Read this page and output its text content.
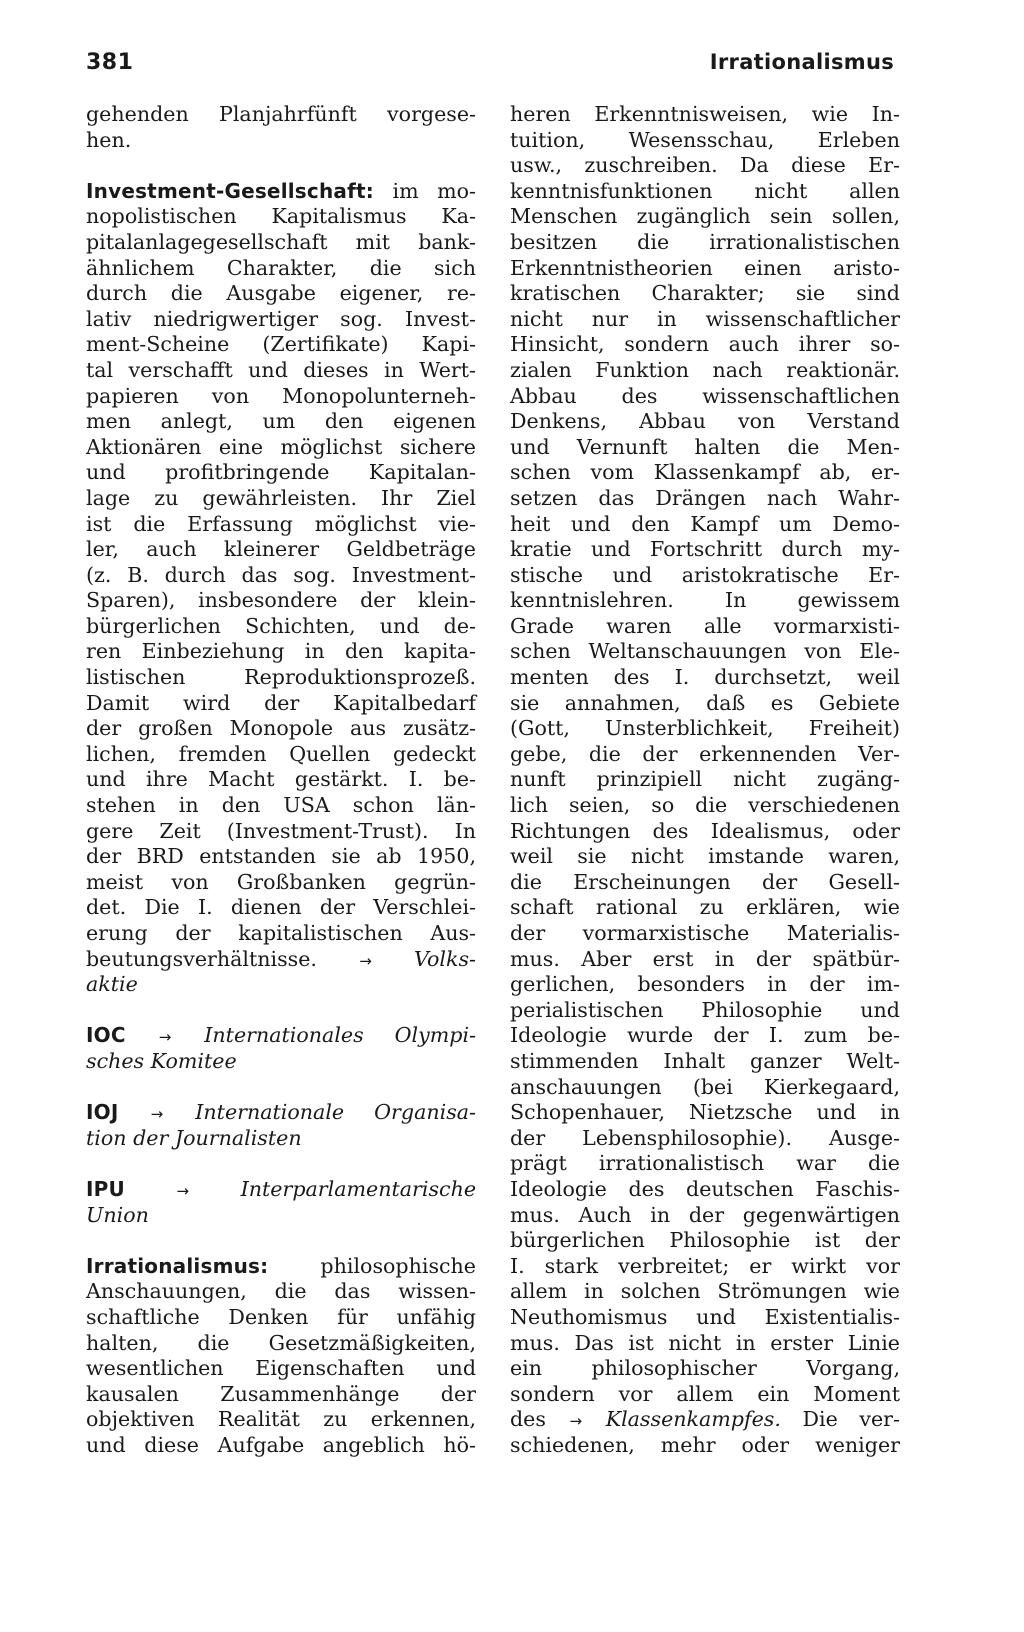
381	Irrationalismus
gehenden Planjahrfünft vorgese-
hen.
Investment-Gesellschaft: im mo-
nopolistischen Kapitalismus Ka-
pitalanlagegesellschaft mit bank-
ähnlichem Charakter, die sich
durch die Ausgabe eigener, re-
lativ niedrigwertiger sog. Invest-
ment-Scheine (Zertifikate) Kapi-
tal verschafft und dieses in Wert-
papieren von Monopolunterneh-
men anlegt, um den eigenen
Aktionären eine möglichst sichere
und profitbringende Kapitalan-
lage zu gewährleisten. Ihr Ziel
ist die Erfassung möglichst vie-
ler, auch kleinerer Geldbeträge
(z. B. durch das sog. Investment-
Sparen), insbesondere der klein-
bürgerlichen Schichten, und de-
ren Einbeziehung in den kapita-
listischen Reproduktionsprozeß.
Damit wird der Kapitalbedarf
der großen Monopole aus zusätz-
lichen, fremden Quellen gedeckt
und ihre Macht gestärkt. I. be-
stehen in den USA schon län-
gere Zeit (Investment-Trust). In
der BRD entstanden sie ab 1950,
meist von Großbanken gegrün-
det. Die I. dienen der Verschlei-
erung der kapitalistischen Aus-
beutungsverhältnisse.	→ Volks-
aktie
IOC → Internationales Olympi-
sches Komitee
IOJ → Internationale Organisa-
tion der Journalisten
IPU	→	Interparlamentarische
Union
Irrationalismus:	philosophische
Anschauungen, die das wissen-
schaftliche Denken für unfähig
halten, die Gesetzmäßigkeiten,
wesentlichen Eigenschaften und
kausalen Zusammenhänge der
objektiven Realität zu erkennen,
und diese Aufgabe angeblich hö-
heren Erkenntnisweisen, wie In-
tuition, Wesensschau, Erleben
usw., zuschreiben. Da diese Er-
kenntnisfunktionen nicht allen
Menschen zugänglich sein sollen,
besitzen die irrationalistischen
Erkenntnistheorien einen aristo-
kratischen Charakter; sie sind
nicht nur in wissenschaftlicher
Hinsicht, sondern auch ihrer so-
zialen Funktion nach reaktionär.
Abbau des wissenschaftlichen
Denkens, Abbau von Verstand
und Vernunft halten die Men-
schen vom Klassenkampf ab, er-
setzen das Drängen nach Wahr-
heit und den Kampf um Demo-
kratie und Fortschritt durch my-
stische und aristokratische Er-
kenntnislehren. In gewissem
Grade waren alle vormarxisti-
schen Weltanschauungen von Ele-
menten des I. durchsetzt, weil
sie annahmen, daß es Gebiete
(Gott, Unsterblichkeit, Freiheit)
gebe, die der erkennenden Ver-
nunft prinzipiell nicht zugäng-
lich seien, so die verschiedenen
Richtungen des Idealismus, oder
weil sie nicht imstande waren,
die Erscheinungen der Gesell-
schaft rational zu erklären, wie
der vormarxistische Materialis-
mus. Aber erst in der spätbür-
gerlichen, besonders in der im-
perialistischen Philosophie und
Ideologie wurde der I. zum be-
stimmenden Inhalt ganzer Welt-
anschauungen (bei Kierkegaard,
Schopenhauer, Nietzsche und in
der Lebensphilosophie). Ausge-
prägt irrationalistisch war die
Ideologie des deutschen Faschis-
mus. Auch in der gegenwärtigen
bürgerlichen Philosophie ist der
I. stark verbreitet; er wirkt vor
allem in solchen Strömungen wie
Neuthomismus und Existentialis-
mus. Das ist nicht in erster Linie
ein philosophischer Vorgang,
sondern vor allem ein Moment
des → Klassenkampfes. Die ver-
schiedenen, mehr oder weniger
